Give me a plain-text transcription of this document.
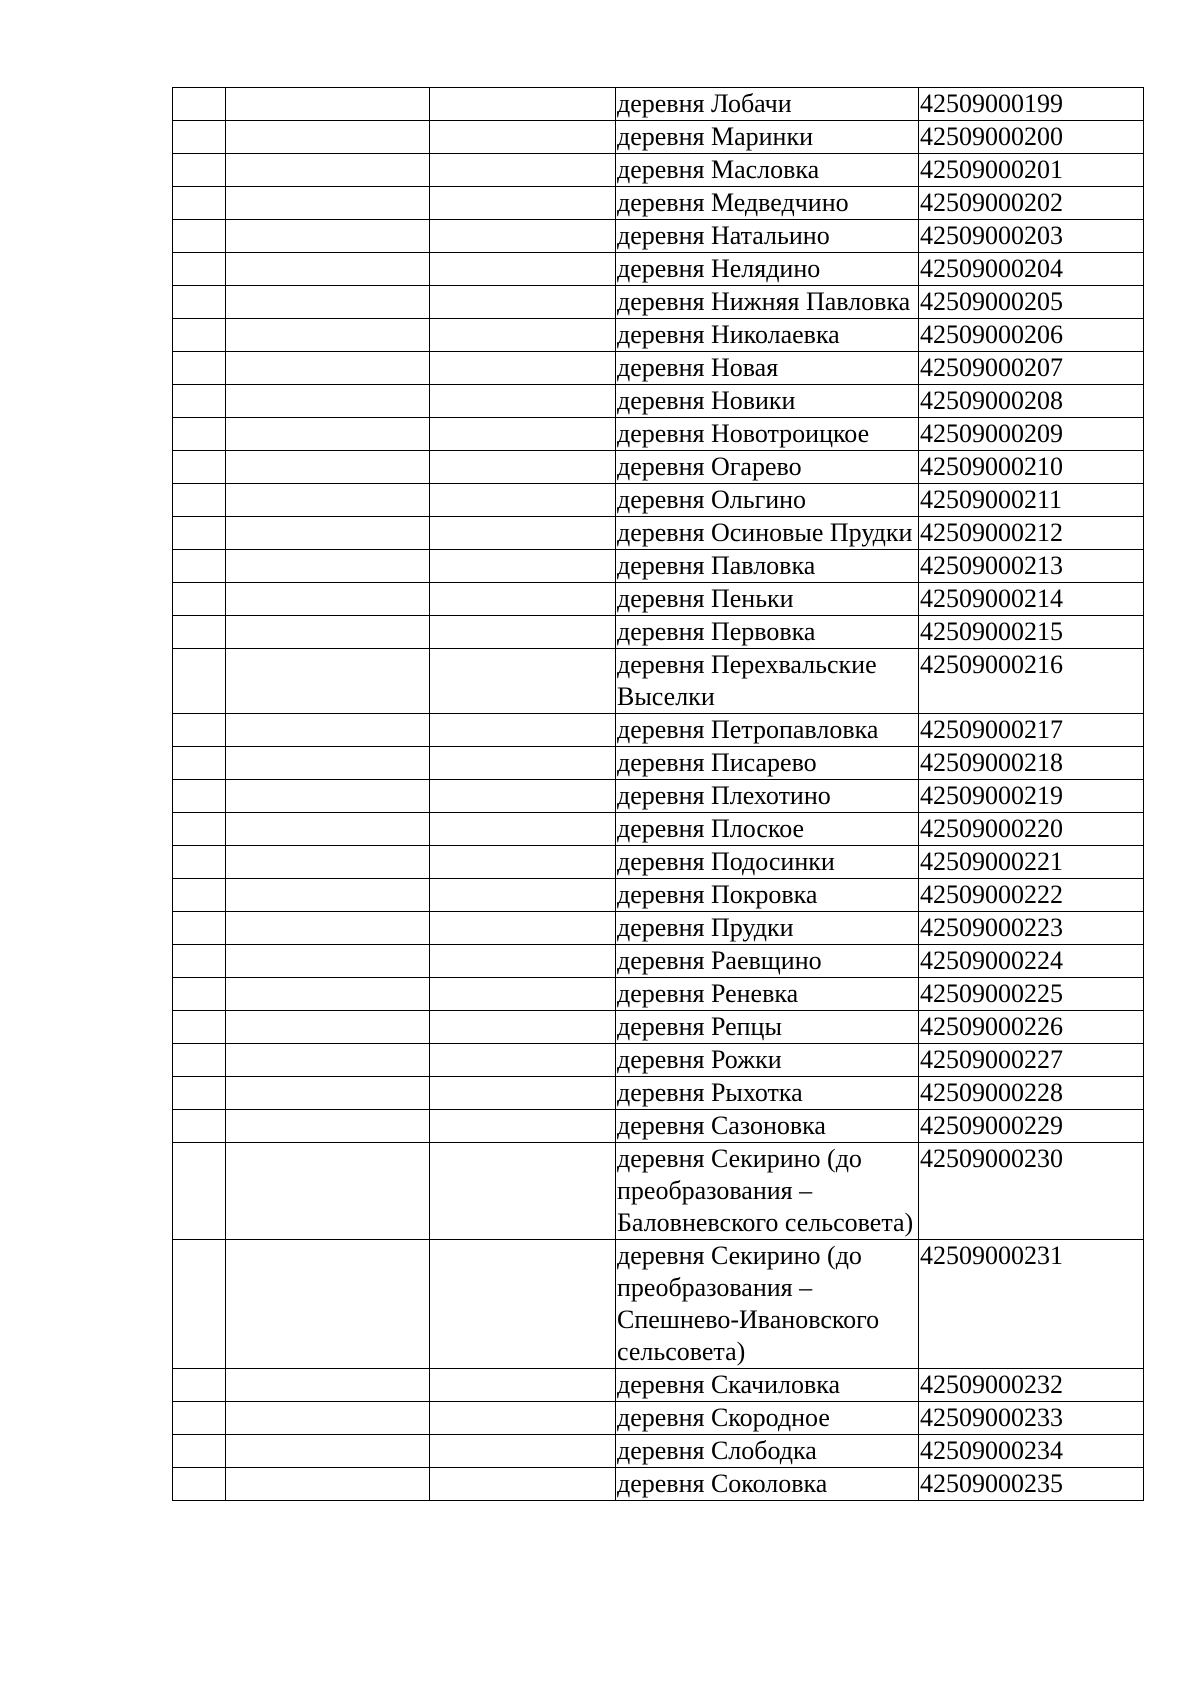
			деревня Лобачи	42509000199
			деревня Маринки	42509000200
			деревня Масловка	42509000201
			деревня Медведчино	42509000202
			деревня Натальино	42509000203
			деревня Нелядино	42509000204
			деревня Нижняя Павловка	42509000205
			деревня Николаевка	42509000206
			деревня Новая	42509000207
			деревня Новики	42509000208
			деревня Новотроицкое	42509000209
			деревня Огарево	42509000210
			деревня Ольгино	42509000211
			деревня Осиновые Прудки	42509000212
			деревня Павловка	42509000213
			деревня Пеньки	42509000214
			деревня Первовка	42509000215
			деревня Перехвальские Выселки	42509000216
			деревня Петропавловка	42509000217
			деревня Писарево	42509000218
			деревня Плехотино	42509000219
			деревня Плоское	42509000220
			деревня Подосинки	42509000221
			деревня Покровка	42509000222
			деревня Прудки	42509000223
			деревня Раевщино	42509000224
			деревня Реневка	42509000225
			деревня Репцы	42509000226
			деревня Рожки	42509000227
			деревня Рыхотка	42509000228
			деревня Сазоновка	42509000229
			деревня Секирино (до преобразования – Баловневского сельсовета)	42509000230
			деревня Секирино (до преобразования – Спешнево-Ивановского сельсовета)	42509000231
			деревня Скачиловка	42509000232
			деревня Скородное	42509000233
			деревня Слободка	42509000234
			деревня Соколовка	42509000235
